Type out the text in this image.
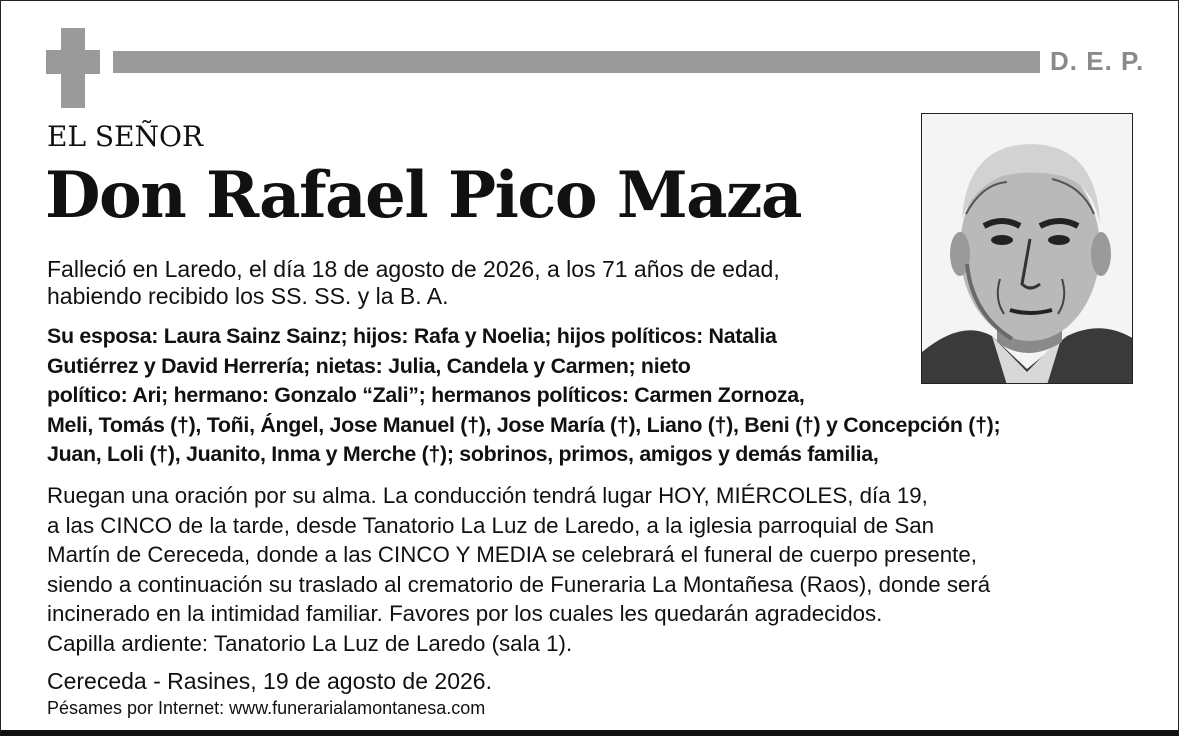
D. E. P.
EL SEÑOR
Don Rafael Pico Maza
Falleció en Laredo, el día 18 de agosto de 2026, a los 71 años de edad,
habiendo recibido los SS. SS. y la B. A.
Su esposa: Laura Sainz Sainz; hijos: Rafa y Noelia; hijos políticos: Natalia
Gutiérrez y David Herrería; nietas: Julia, Candela y Carmen; nieto
político: Ari; hermano: Gonzalo “Zali”; hermanos políticos: Carmen Zornoza,
Meli, Tomás (†), Toñi, Ángel, Jose Manuel (†), Jose María (†), Liano (†), Beni (†) y Concepción (†);
Juan, Loli (†), Juanito, Inma y Merche (†); sobrinos, primos, amigos y demás familia,
Ruegan una oración por su alma. La conducción tendrá lugar HOY, MIÉRCOLES, día 19,
a las CINCO de la tarde, desde Tanatorio La Luz de Laredo, a la iglesia parroquial de San
Martín de Cereceda, donde a las CINCO Y MEDIA se celebrará el funeral de cuerpo presente,
siendo a continuación su traslado al crematorio de Funeraria La Montañesa (Raos), donde será
incinerado en la intimidad familiar. Favores por los cuales les quedarán agradecidos.
Capilla ardiente: Tanatorio La Luz de Laredo (sala 1).
Cereceda - Rasines, 19 de agosto de 2026.
Pésames por Internet: www.funerarialamontanesa.com
